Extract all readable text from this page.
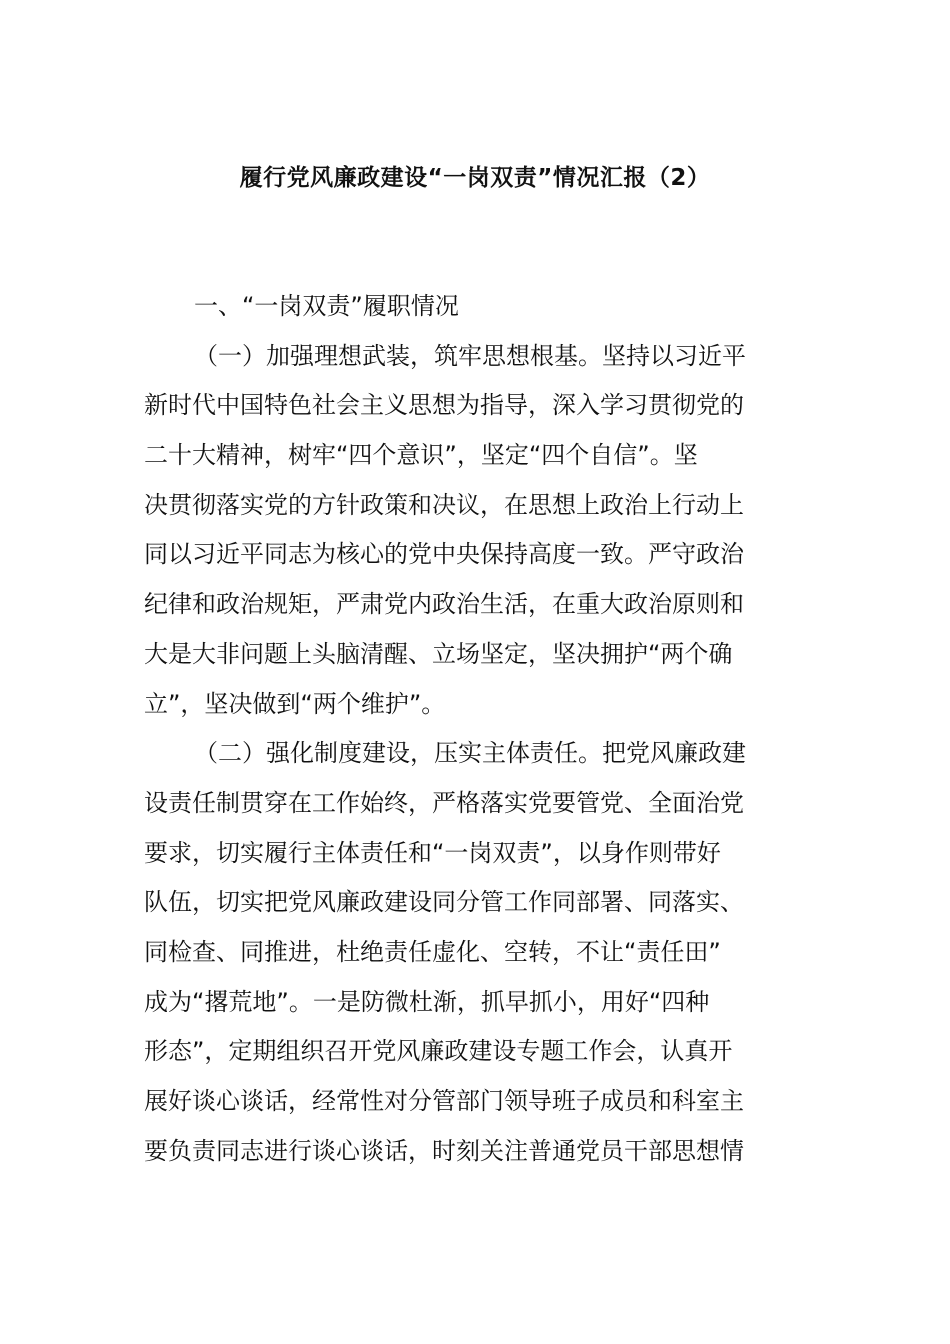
履行党风廉政建设“一岗双责”情况汇报（2）
一、“一岗双责”履职情况
（一）加强理想武装，筑牢思想根基。坚持以习近平
新时代中国特色社会主义思想为指导，深入学习贯彻党的
二十大精神，树牢“四个意识”，坚定“四个自信”。坚
决贯彻落实党的方针政策和决议，在思想上政治上行动上
同以习近平同志为核心的党中央保持高度一致。严守政治
纪律和政治规矩，严肃党内政治生活，在重大政治原则和
大是大非问题上头脑清醒、立场坚定，坚决拥护“两个确
立”，坚决做到“两个维护”。
（二）强化制度建设，压实主体责任。把党风廉政建
设责任制贯穿在工作始终，严格落实党要管党、全面治党
要求，切实履行主体责任和“一岗双责”，以身作则带好
队伍，切实把党风廉政建设同分管工作同部署、同落实、
同检查、同推进，杜绝责任虚化、空转，不让“责任田”
成为“撂荒地”。一是防微杜渐，抓早抓小，用好“四种
形态”，定期组织召开党风廉政建设专题工作会，认真开
展好谈心谈话，经常性对分管部门领导班子成员和科室主
要负责同志进行谈心谈话，时刻关注普通党员干部思想情
